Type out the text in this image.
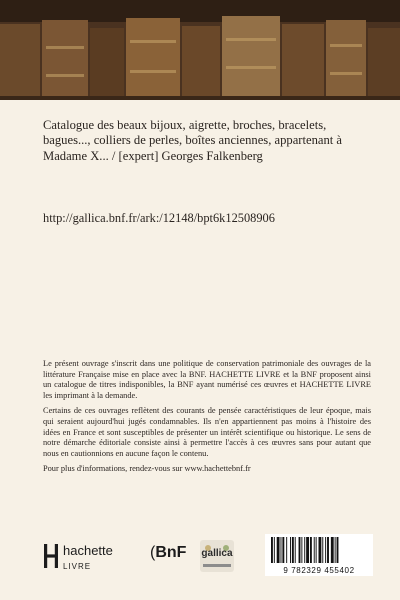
Catalogue des beaux bijoux, aigrette, broches, bracelets, bagues..., colliers de perles, boîtes anciennes, appartenant à Madame X... / [expert] Georges Falkenberg

http://gallica.bnf.fr/ark:/12148/bpt6k12508906

Le présent ouvrage s'inscrit dans une politique de conservation patrimoniale des ouvrages de la littérature Française mise en place avec la BNF. HACHETTE LIVRE et la BNF proposent ainsi un catalogue de titres indisponibles, la BNF ayant numérisé ces œuvres et HACHETTE LIVRE les imprimant à la demande.

Certains de ces ouvrages reflètent des courants de pensée caractéristiques de leur époque, mais qui seraient aujourd'hui jugés condamnables. Ils n'en appartiennent pas moins à l'histoire des idées en France et sont susceptibles de présenter un intérêt scientifique ou historique. Le sens de notre démarche éditoriale consiste ainsi à permettre l'accès à ces œuvres sans pour autant que nous en cautionnions en aucune façon le contenu.

Pour plus d'informations, rendez-vous sur www.hachettebnf.fr

hachette
LIVRE
(BnF gallica
9 782329 455402
